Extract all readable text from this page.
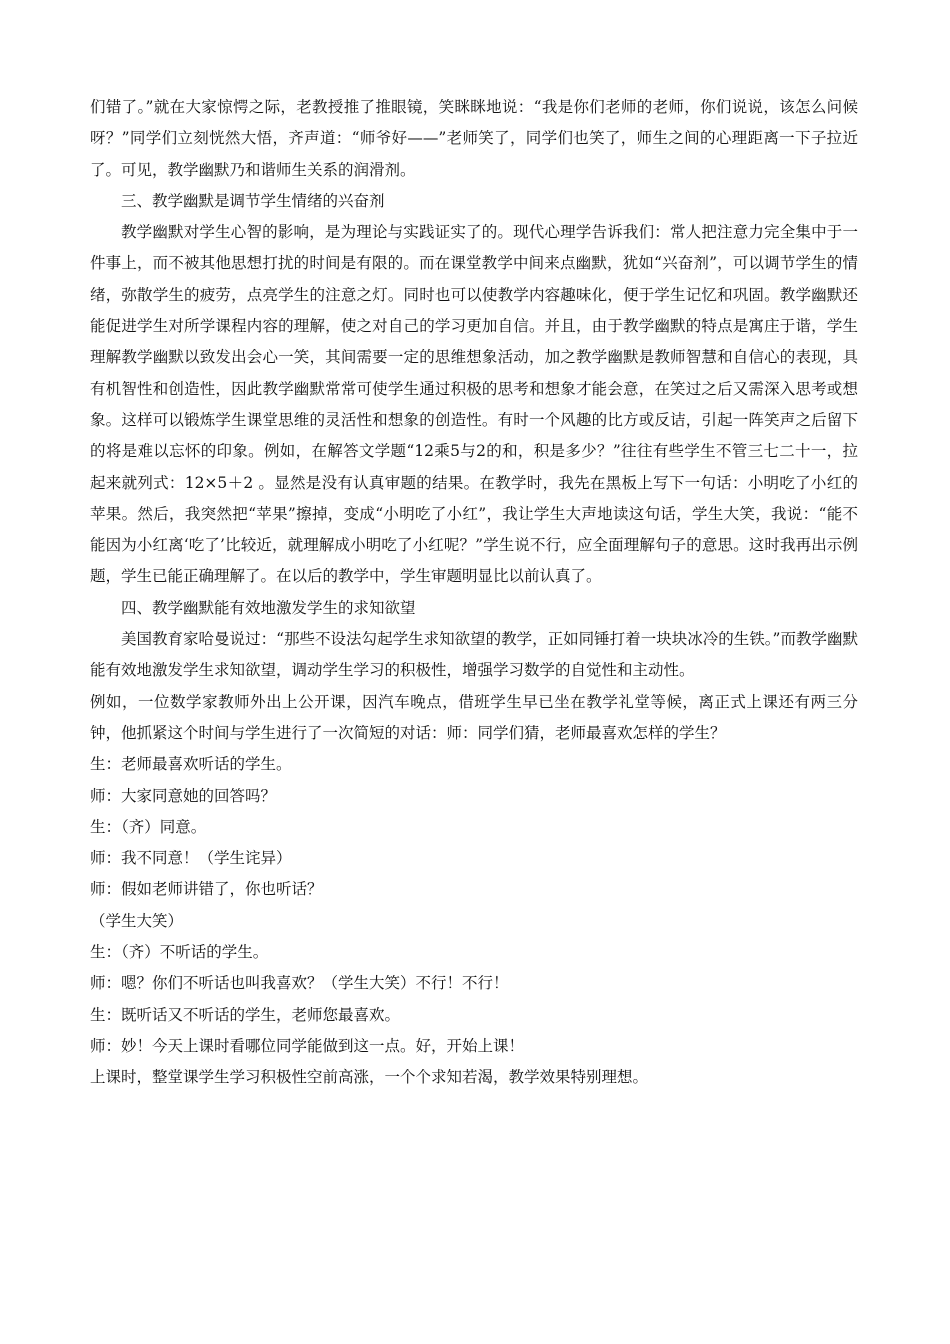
们错了。”就在大家惊愕之际，老教授推了推眼镜，笑眯眯地说：“我是你们老师的老师，你们说说，该怎么问候呀？”同学们立刻恍然大悟，齐声道：“师爷好——”老师笑了，同学们也笑了，师生之间的心理距离一下子拉近了。可见，教学幽默乃和谐师生关系的润滑剂。

三、教学幽默是调节学生情绪的兴奋剂

教学幽默对学生心智的影响，是为理论与实践证实了的。现代心理学告诉我们：常人把注意力完全集中于一件事上，而不被其他思想打扰的时间是有限的。而在课堂教学中间来点幽默，犹如“兴奋剂”，可以调节学生的情绪，弥散学生的疲劳，点亮学生的注意之灯。同时也可以使教学内容趣味化，便于学生记忆和巩固。教学幽默还能促进学生对所学课程内容的理解，使之对自己的学习更加自信。并且，由于教学幽默的特点是寓庄于谐，学生理解教学幽默以致发出会心一笑，其间需要一定的思维想象活动，加之教学幽默是教师智慧和自信心的表现，具有机智性和创造性，因此教学幽默常常可使学生通过积极的思考和想象才能会意，在笑过之后又需深入思考或想象。这样可以锻炼学生课堂思维的灵活性和想象的创造性。有时一个风趣的比方或反诘，引起一阵笑声之后留下的将是难以忘怀的印象。例如，在解答文学题“12乘5与2的和，积是多少？”往往有些学生不管三七二十一，拉起来就列式：12×5＋2 。显然是没有认真审题的结果。在教学时，我先在黑板上写下一句话：小明吃了小红的苹果。然后，我突然把“苹果”擦掉，变成“小明吃了小红”，我让学生大声地读这句话，学生大笑，我说：“能不能因为小红离‘吃了’比较近，就理解成小明吃了小红呢？”学生说不行，应全面理解句子的意思。这时我再出示例题，学生已能正确理解了。在以后的教学中，学生审题明显比以前认真了。

四、教学幽默能有效地激发学生的求知欲望

美国教育家哈曼说过：“那些不设法勾起学生求知欲望的教学，正如同锤打着一块块冰冷的生铁。”而教学幽默能有效地激发学生求知欲望，调动学生学习的积极性，增强学习数学的自觉性和主动性。

例如，一位数学家教师外出上公开课，因汽车晚点，借班学生早已坐在教学礼堂等候，离正式上课还有两三分钟，他抓紧这个时间与学生进行了一次简短的对话：师：同学们猜，老师最喜欢怎样的学生？

生：老师最喜欢听话的学生。

师：大家同意她的回答吗？

生：（齐）同意。

师：我不同意！（学生诧异）

师：假如老师讲错了，你也听话？

（学生大笑）

生：（齐）不听话的学生。

师：嗯？你们不听话也叫我喜欢？（学生大笑）不行！不行！

生：既听话又不听话的学生，老师您最喜欢。

师：妙！今天上课时看哪位同学能做到这一点。好，开始上课！

上课时，整堂课学生学习积极性空前高涨，一个个求知若渴，教学效果特别理想。
